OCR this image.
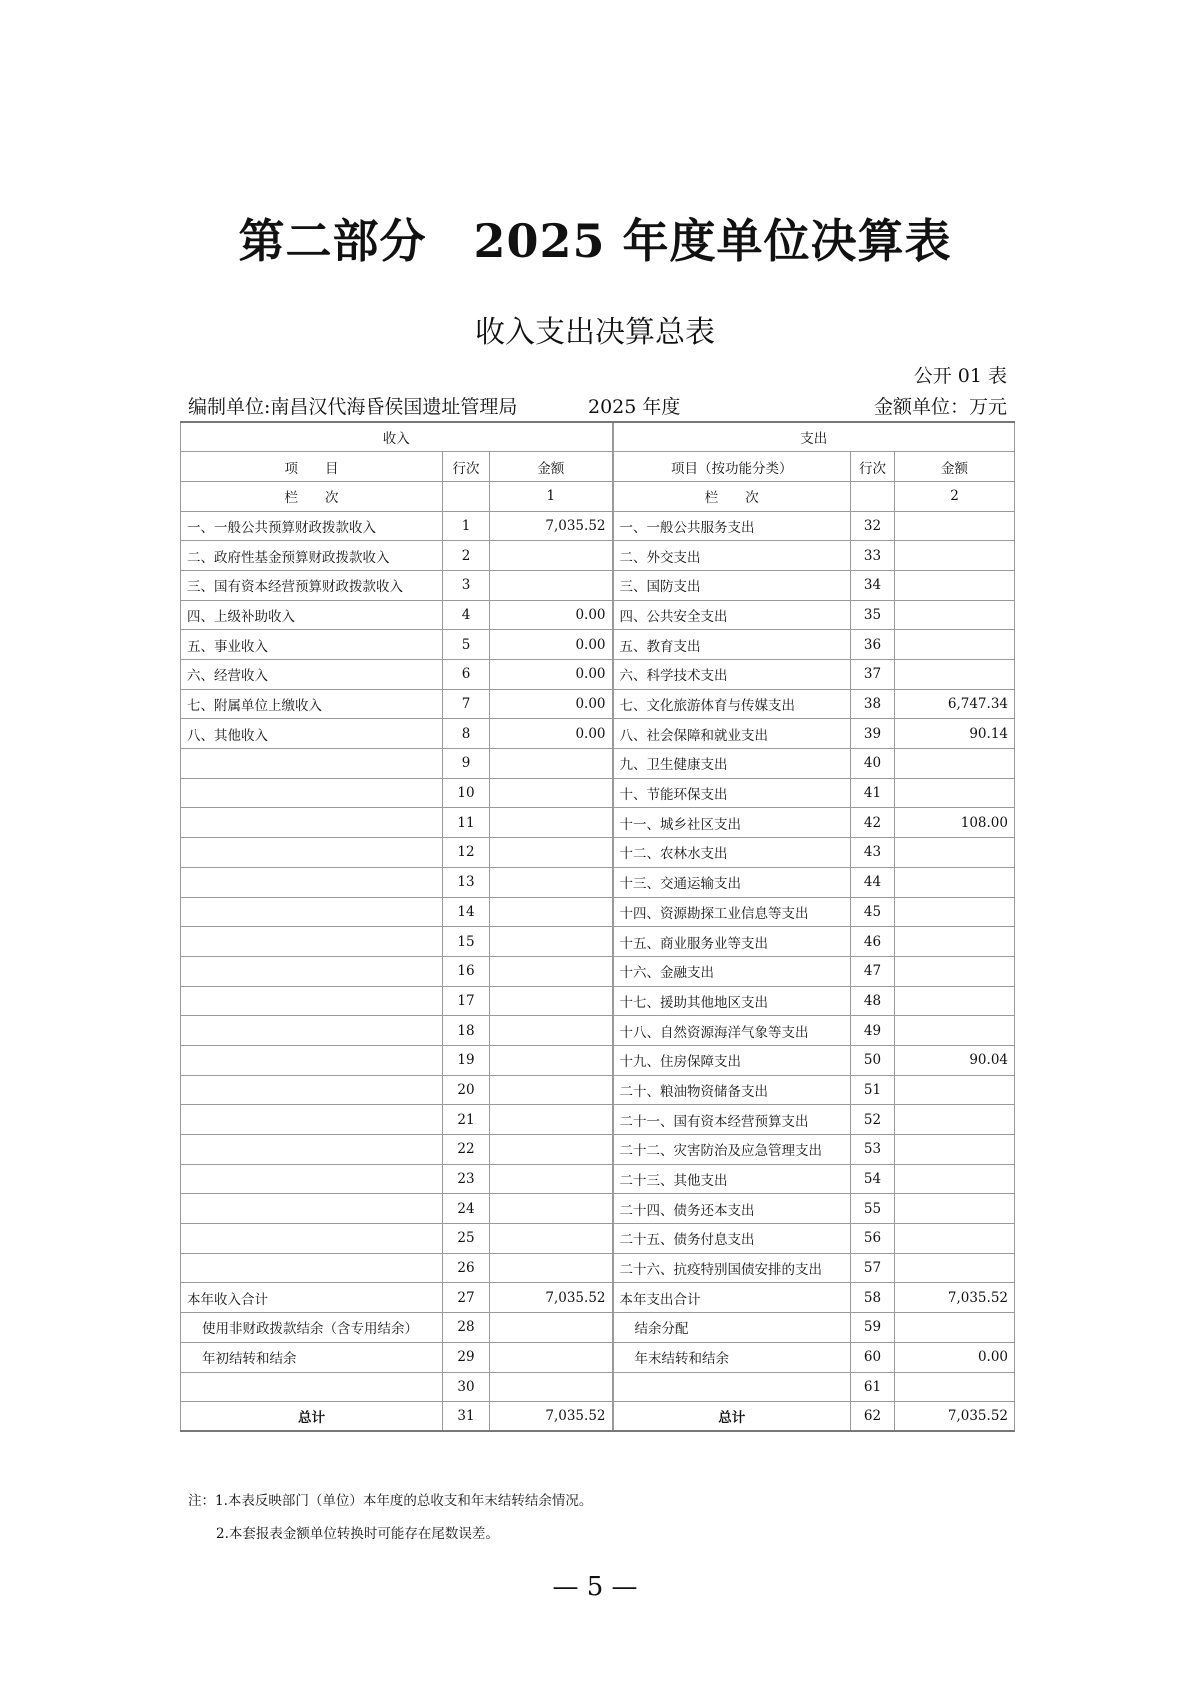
第二部分　2025 年度单位决算表
收入支出决算总表
公开 01 表
编制单位:南昌汉代海昏侯国遗址管理局	2025 年度	金额单位：万元
收入			支出		
项　　目	行次	金额	项目（按功能分类）	行次	金额
栏　　次		1	栏　　次		2
一、一般公共预算财政拨款收入	1	7,035.52	一、一般公共服务支出	32	
二、政府性基金预算财政拨款收入	2		二、外交支出	33	
三、国有资本经营预算财政拨款收入	3		三、国防支出	34	
四、上级补助收入	4	0.00	四、公共安全支出	35	
五、事业收入	5	0.00	五、教育支出	36	
六、经营收入	6	0.00	六、科学技术支出	37	
七、附属单位上缴收入	7	0.00	七、文化旅游体育与传媒支出	38	6,747.34
八、其他收入	8	0.00	八、社会保障和就业支出	39	90.14
	9		九、卫生健康支出	40	
	10		十、节能环保支出	41	
	11		十一、城乡社区支出	42	108.00
	12		十二、农林水支出	43	
	13		十三、交通运输支出	44	
	14		十四、资源勘探工业信息等支出	45	
	15		十五、商业服务业等支出	46	
	16		十六、金融支出	47	
	17		十七、援助其他地区支出	48	
	18		十八、自然资源海洋气象等支出	49	
	19		十九、住房保障支出	50	90.04
	20		二十、粮油物资储备支出	51	
	21		二十一、国有资本经营预算支出	52	
	22		二十二、灾害防治及应急管理支出	53	
	23		二十三、其他支出	54	
	24		二十四、债务还本支出	55	
	25		二十五、债务付息支出	56	
	26		二十六、抗疫特别国债安排的支出	57	
本年收入合计	27	7,035.52	本年支出合计	58	7,035.52
使用非财政拨款结余（含专用结余）	28		结余分配	59	
年初结转和结余	29		年末结转和结余	60	0.00
	30			61	
总计	31	7,035.52	总计	62	7,035.52
注：1.本表反映部门（单位）本年度的总收支和年末结转结余情况。
2.本套报表金额单位转换时可能存在尾数误差。
— 5 —
